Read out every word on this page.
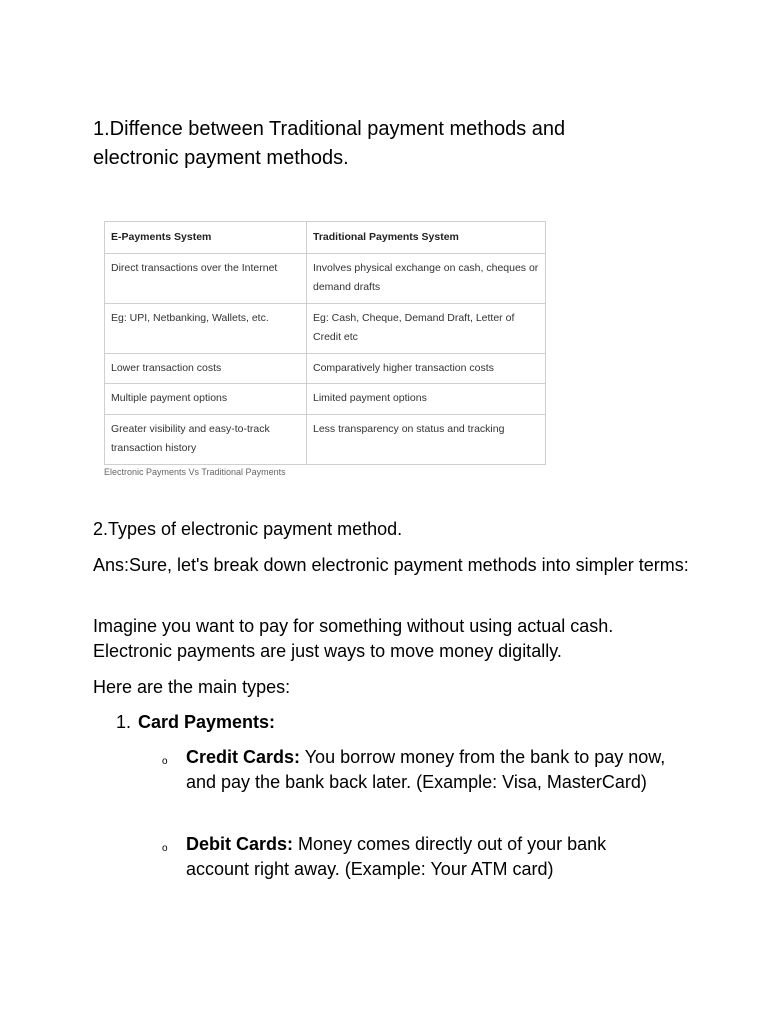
1.Diffence between Traditional payment methods and electronic payment methods.
E-Payments System	Traditional Payments System
Direct transactions over the Internet	Involves physical exchange on cash, cheques or demand drafts
Eg: UPI, Netbanking, Wallets, etc.	Eg: Cash, Cheque, Demand Draft, Letter of Credit etc
Lower transaction costs	Comparatively higher transaction costs
Multiple payment options	Limited payment options
Greater visibility and easy-to-track transaction history	Less transparency on status and tracking
Electronic Payments Vs Traditional Payments

2.Types of electronic payment method.

Ans:Sure, let's break down electronic payment methods into simpler terms:

Imagine you want to pay for something without using actual cash. Electronic payments are just ways to move money digitally.

Here are the main types:

1. Card Payments:
o Credit Cards: You borrow money from the bank to pay now, and pay the bank back later. (Example: Visa, MasterCard)

o Debit Cards: Money comes directly out of your bank account right away. (Example: Your ATM card)
